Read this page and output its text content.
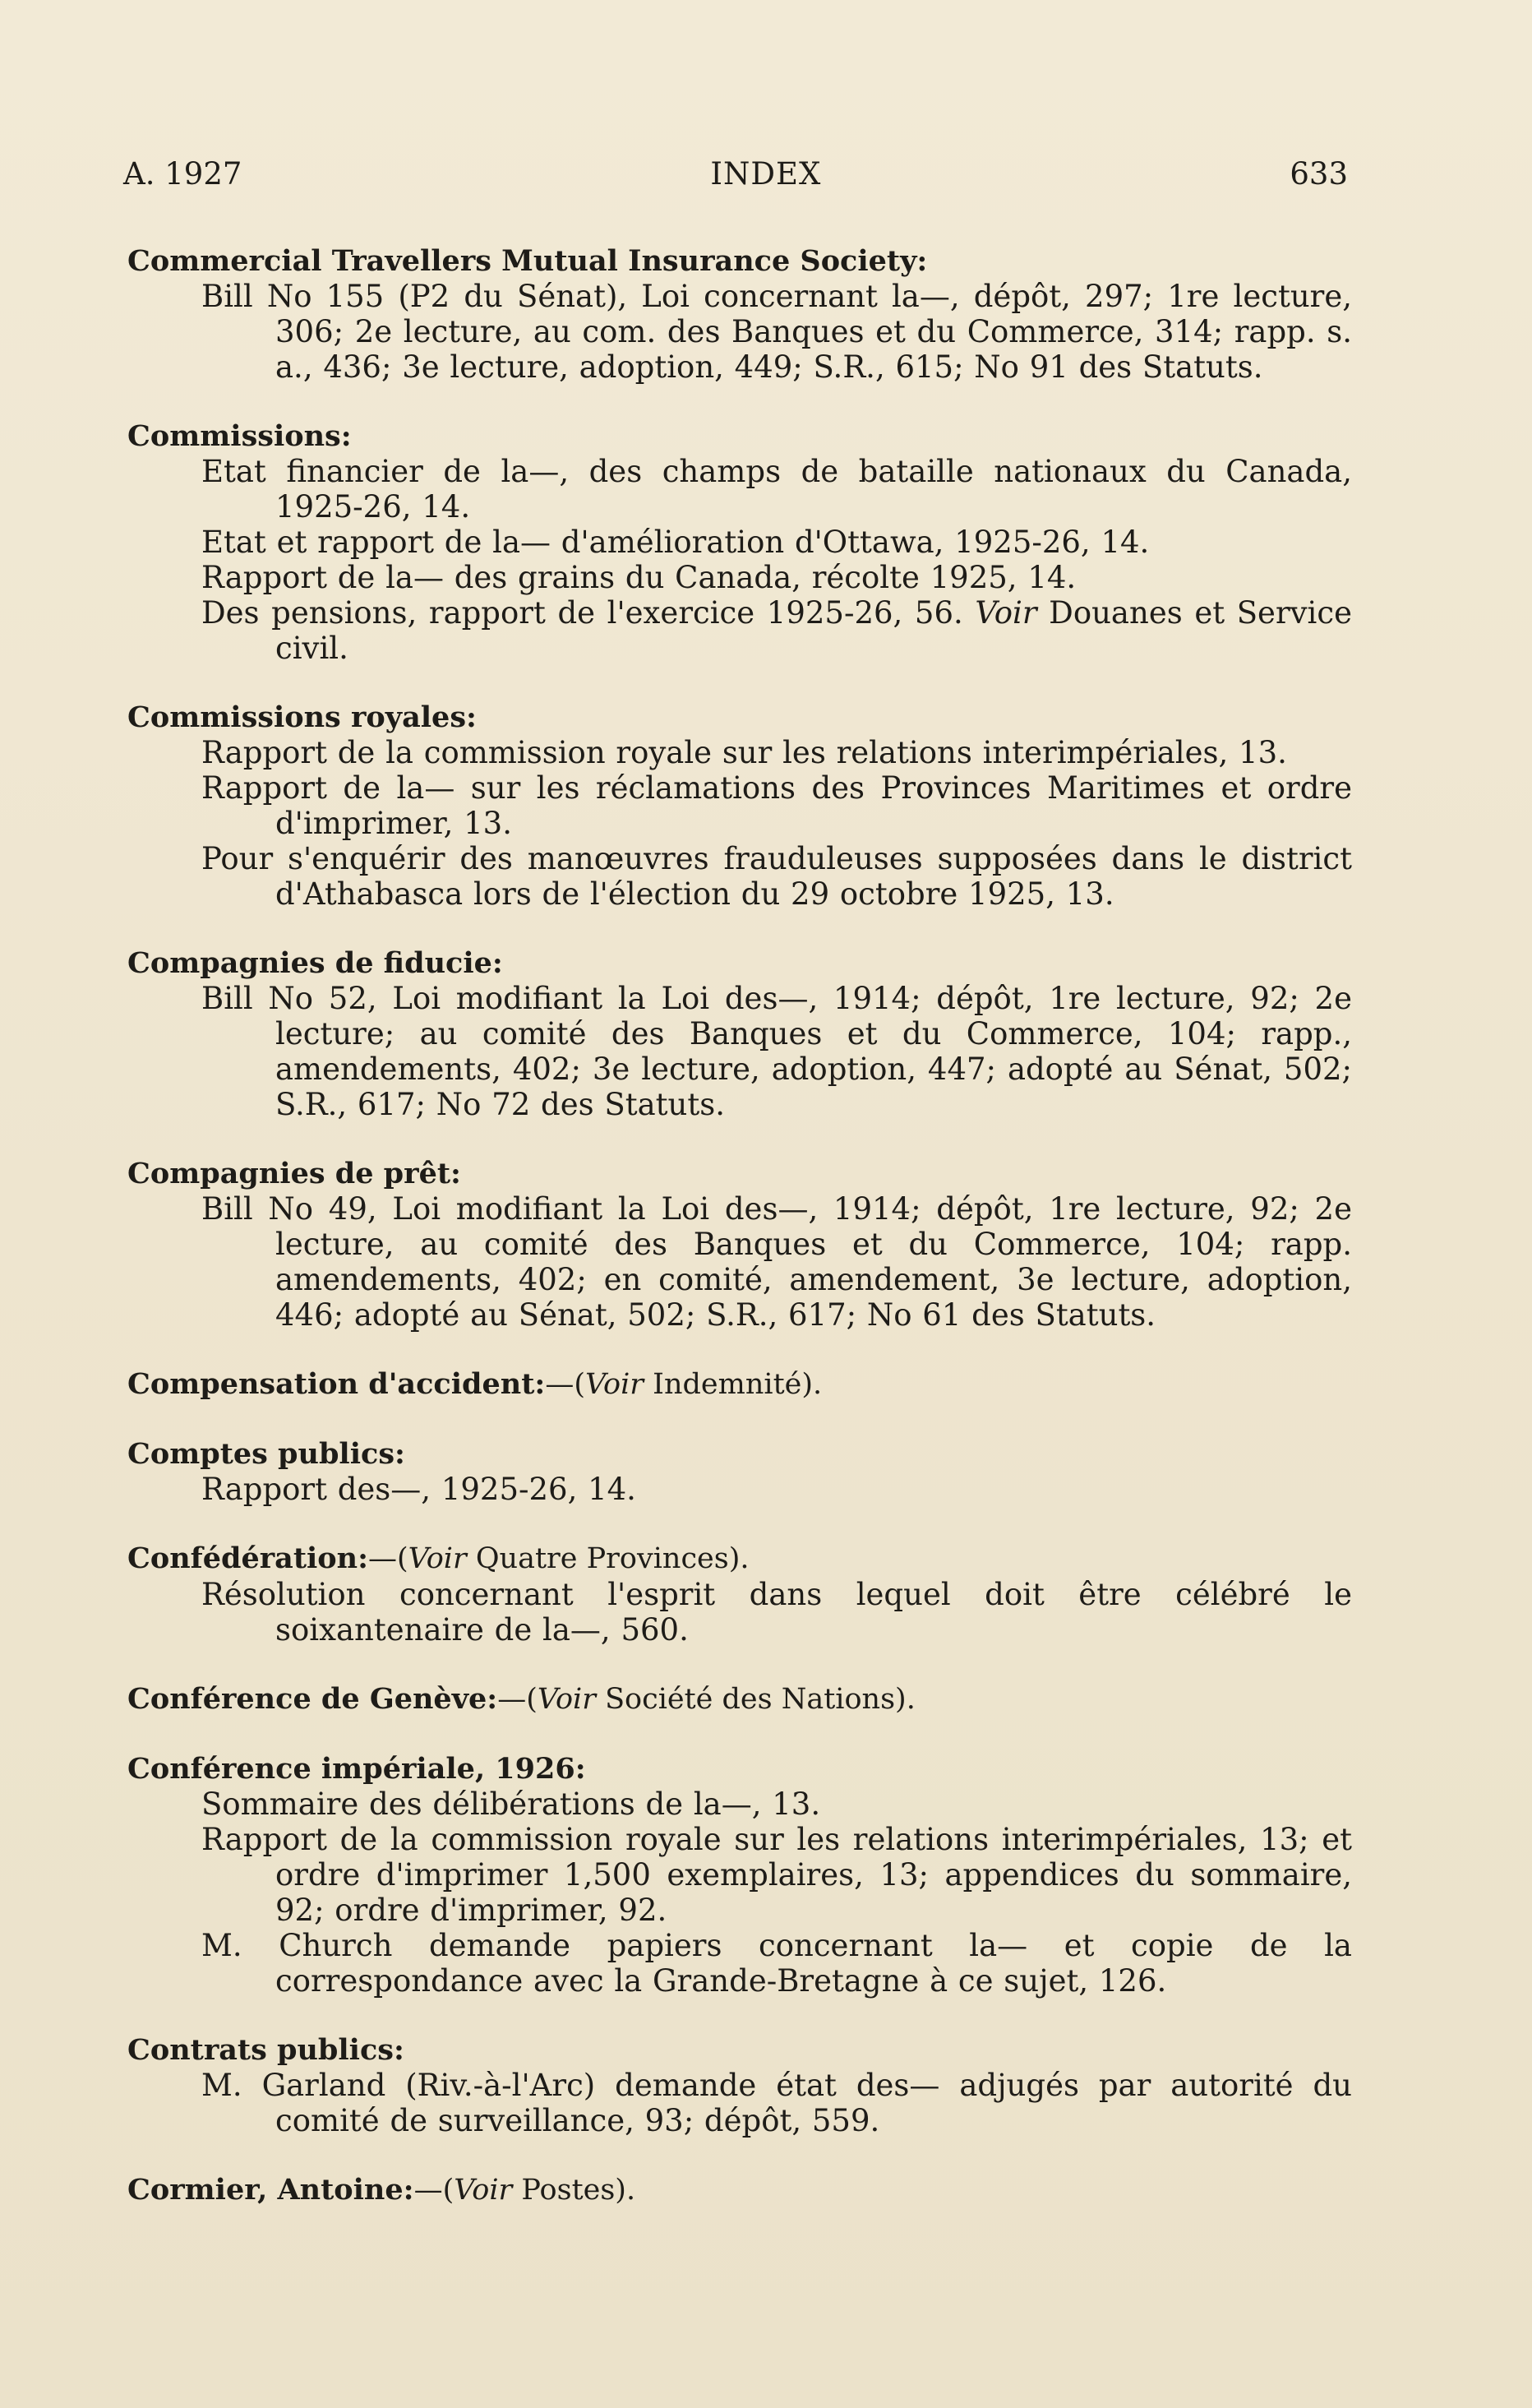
A. 1927	INDEX	633
Commercial Travellers Mutual Insurance Society:
Bill No 155 (P2 du Sénat), Loi concernant la—, dépôt, 297; 1re lecture, 306; 2e lecture, au com. des Banques et du Commerce, 314; rapp. s. a., 436; 3e lecture, adoption, 449; S.R., 615; No 91 des Statuts.
Commissions:
Etat financier de la—, des champs de bataille nationaux du Canada, 1925-26, 14.
Etat et rapport de la— d'amélioration d'Ottawa, 1925-26, 14.
Rapport de la— des grains du Canada, récolte 1925, 14.
Des pensions, rapport de l'exercice 1925-26, 56. Voir Douanes et Service civil.
Commissions royales:
Rapport de la commission royale sur les relations interimpériales, 13.
Rapport de la— sur les réclamations des Provinces Maritimes et ordre d'imprimer, 13.
Pour s'enquérir des manœuvres frauduleuses supposées dans le district d'Athabasca lors de l'élection du 29 octobre 1925, 13.
Compagnies de fiducie:
Bill No 52, Loi modifiant la Loi des—, 1914; dépôt, 1re lecture, 92; 2e lecture; au comité des Banques et du Commerce, 104; rapp., amendements, 402; 3e lecture, adoption, 447; adopté au Sénat, 502; S.R., 617; No 72 des Statuts.
Compagnies de prêt:
Bill No 49, Loi modifiant la Loi des—, 1914; dépôt, 1re lecture, 92; 2e lecture, au comité des Banques et du Commerce, 104; rapp. amendements, 402; en comité, amendement, 3e lecture, adoption, 446; adopté au Sénat, 502; S.R., 617; No 61 des Statuts.
Compensation d'accident:—(Voir Indemnité).
Comptes publics:
Rapport des—, 1925-26, 14.
Confédération:—(Voir Quatre Provinces).
Résolution concernant l'esprit dans lequel doit être célébré le soixantenaire de la—, 560.
Conférence de Genève:—(Voir Société des Nations).
Conférence impériale, 1926:
Sommaire des délibérations de la—, 13.
Rapport de la commission royale sur les relations interimpériales, 13; et ordre d'imprimer 1,500 exemplaires, 13; appendices du sommaire, 92; ordre d'imprimer, 92.
M. Church demande papiers concernant la— et copie de la correspondance avec la Grande-Bretagne à ce sujet, 126.
Contrats publics:
M. Garland (Riv.-à-l'Arc) demande état des— adjugés par autorité du comité de surveillance, 93; dépôt, 559.
Cormier, Antoine:—(Voir Postes).
